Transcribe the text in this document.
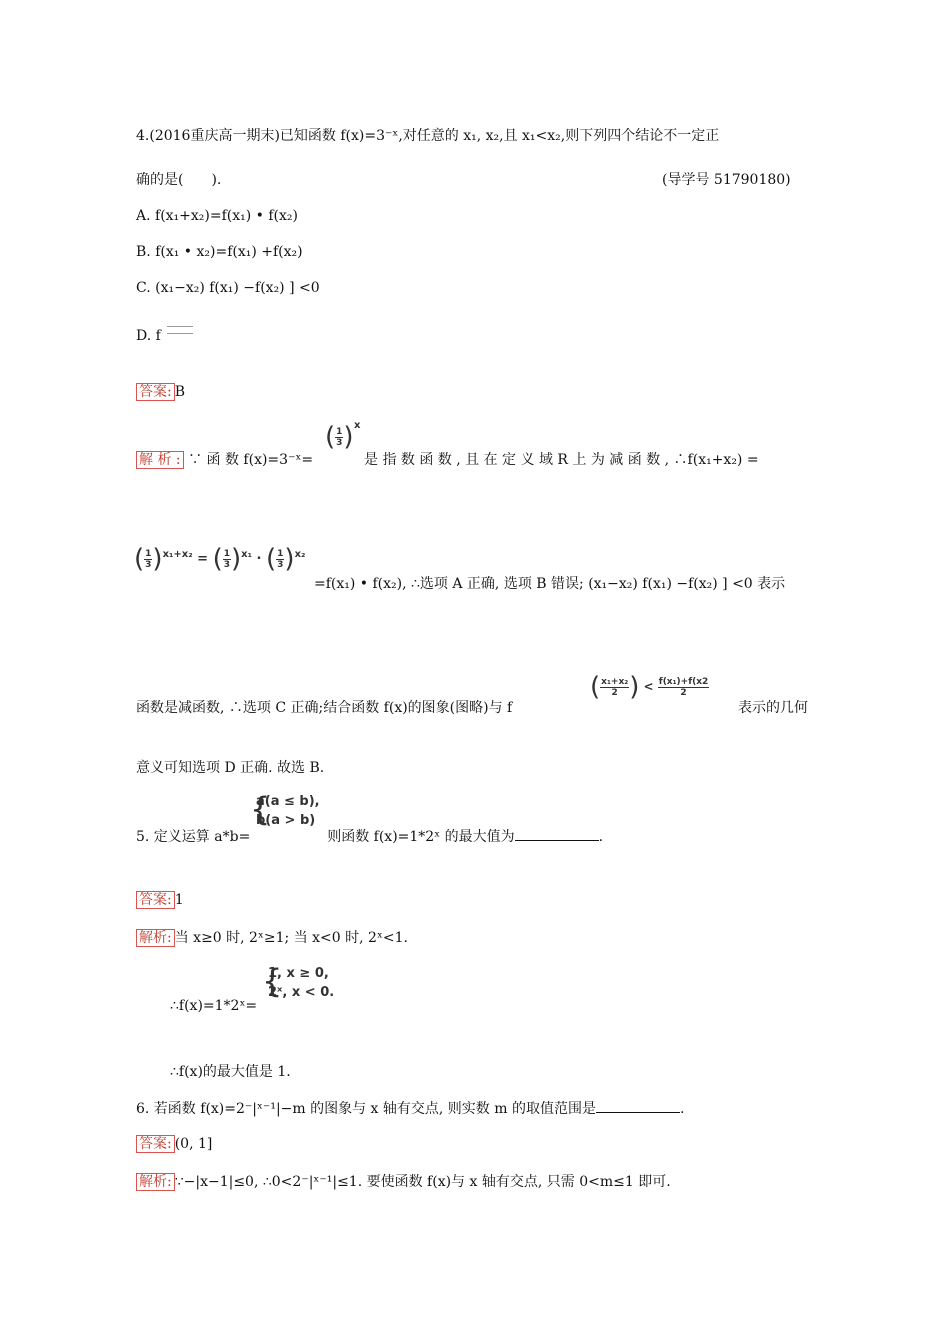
4.(2016重庆高一期末)已知函数 f(x)=3⁻ˣ,对任意的 x₁, x₂,且 x₁<x₂,则下列四个结论不一定正
确的是(　　).	(导学号 51790180)
A. f(x₁+x₂)=f(x₁) • f(x₂)
B. f(x₁ • x₂)=f(x₁) +f(x₂)
C. (x₁−x₂) f(x₁) −f(x₂) ] <0
D. f
答案: B
解 析 : ∵ 函 数 f(x)=3⁻ˣ=
( $\frac{1}{3}$ ) x
是 指 数 函 数 , 且 在 定 义 域 R 上 为 减 函 数 , ∴f(x₁+x₂) =
( $\frac{1}{3} )^{x_1+x_2}$ = ( $\frac{1}{3} )^{x_1}$ · ( $\frac{1}{3} )^{x_2}$
=f(x₁) • f(x₂), ∴选项 A 正确, 选项 B 错误; (x₁−x₂) f(x₁) −f(x₂) ] <0 表示
函数是减函数, ∴选项 C 正确;结合函数 f(x)的图象(图略)与 f
( $\frac{\text{x₁+x₂}}{2}$ ) < $\frac{\text{f(x₁)+f(x2}}{2}$
表示的几何
意义可知选项 D 正确. 故选 B.
5. 定义运算 a*b=	则函数 f(x)=1*2ˣ 的最大值为	.
a(a ≤ b),
b(a > b)
{
答案: 1
解析: 当 x≥0 时, 2ˣ≥1; 当 x<0 时, 2ˣ<1.
∴f(x)=1*2ˣ=
{
1, x ≥ 0,
2ˣ, x < 0.
∴f(x)的最大值是 1.
6. 若函数 f(x)=2⁻|ˣ⁻¹|−m 的图象与 x 轴有交点, 则实数 m 的取值范围是	.
答案: (0, 1]
解析: ∵−|x−1|≤0, ∴0<2⁻|ˣ⁻¹|≤1. 要使函数 f(x)与 x 轴有交点, 只需 0<m≤1 即可.
